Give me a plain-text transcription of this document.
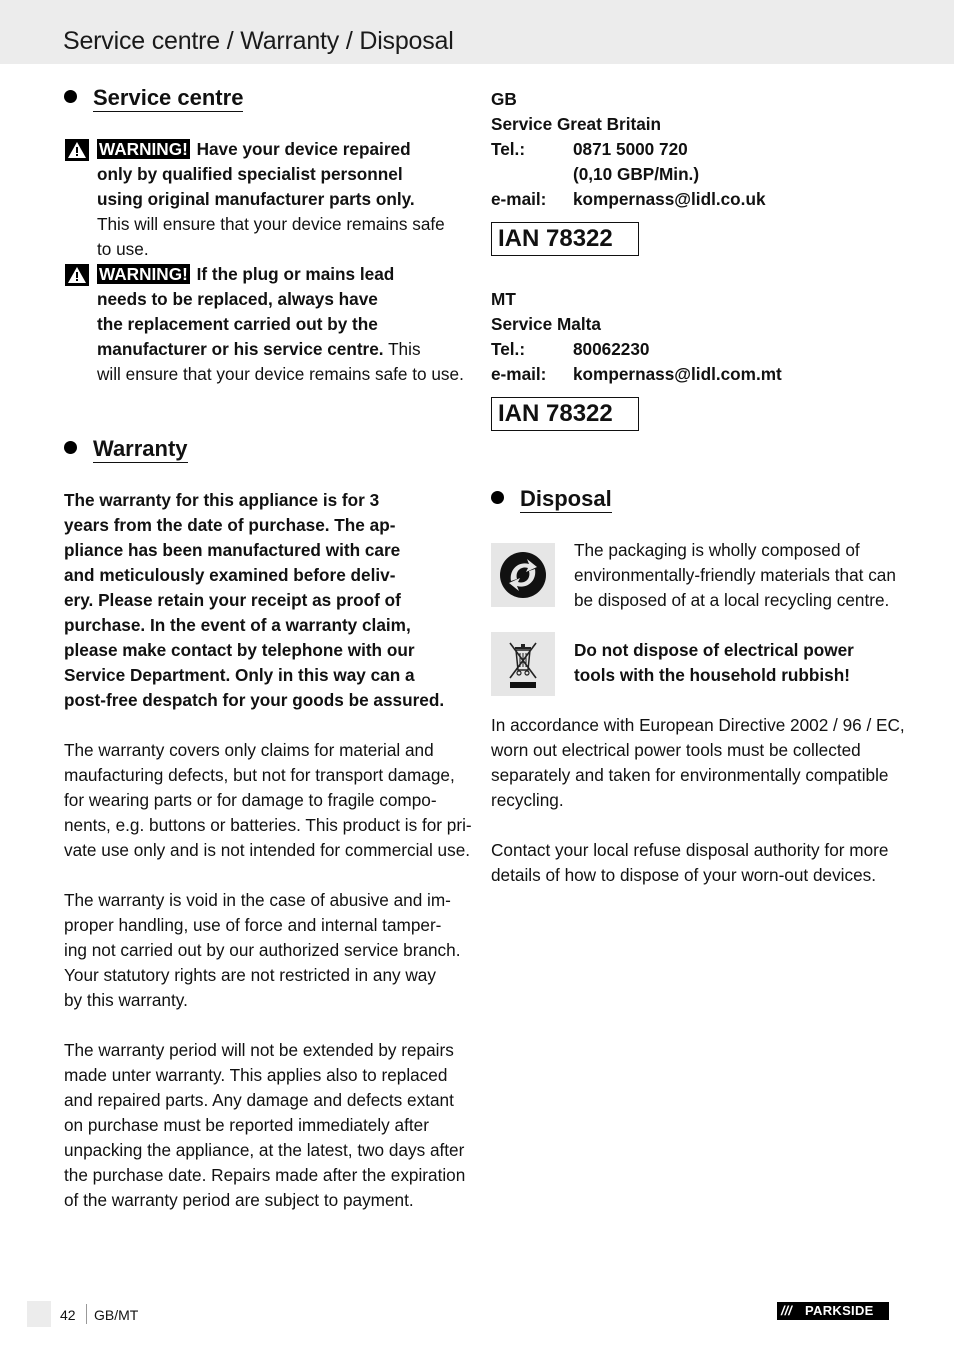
Service centre / Warranty / Disposal
Service centre
WARNING! Have your device repaired
only by qualified specialist personnel
using original manufacturer parts only.
This will ensure that your device remains safe
to use.
WARNING! If the plug or mains lead
needs to be replaced, always have
the replacement carried out by the
manufacturer or his service centre. This
will ensure that your device remains safe to use.
Warranty
The warranty for this appliance is for 3
years from the date of purchase. The ap-
pliance has been manufactured with care
and meticulously examined before deliv-
ery. Please retain your receipt as proof of
purchase. In the event of a warranty claim,
please make contact by telephone with our
Service Department. Only in this way can a
post-free despatch for your goods be assured.
The warranty covers only claims for material and
maufacturing defects, but not for transport damage,
for wearing parts or for damage to fragile compo-
nents, e.g. buttons or batteries. This product is for pri-
vate use only and is not intended for commercial use.
The warranty is void in the case of abusive and im-
proper handling, use of force and internal tamper-
ing not carried out by our authorized service branch.
Your statutory rights are not restricted in any way
by this warranty.
The warranty period will not be extended by repairs
made unter warranty. This applies also to replaced
and repaired parts. Any damage and defects extant
on purchase must be reported immediately after
unpacking the appliance, at the latest, two days after
the purchase date. Repairs made after the expiration
of the warranty period are subject to payment.
GB
Service Great Britain
Tel.:	0871 5000 720
(0,10 GBP/Min.)
e-mail: kompernass@lidl.co.uk
IAN 78322
MT
Service Malta
Tel.:	80062230
e-mail: kompernass@lidl.com.mt
IAN 78322
Disposal
The packaging is wholly composed of
environmentally-friendly materials that can
be disposed of at a local recycling centre.
Do not dispose of electrical power
tools with the household rubbish!
In accordance with European Directive 2002 / 96 / EC,
worn out electrical power tools must be collected
separately and taken for environmentally compatible
recycling.
Contact your local refuse disposal authority for more
details of how to dispose of your worn-out devices.
42 GB/MT	/// PARKSIDE
